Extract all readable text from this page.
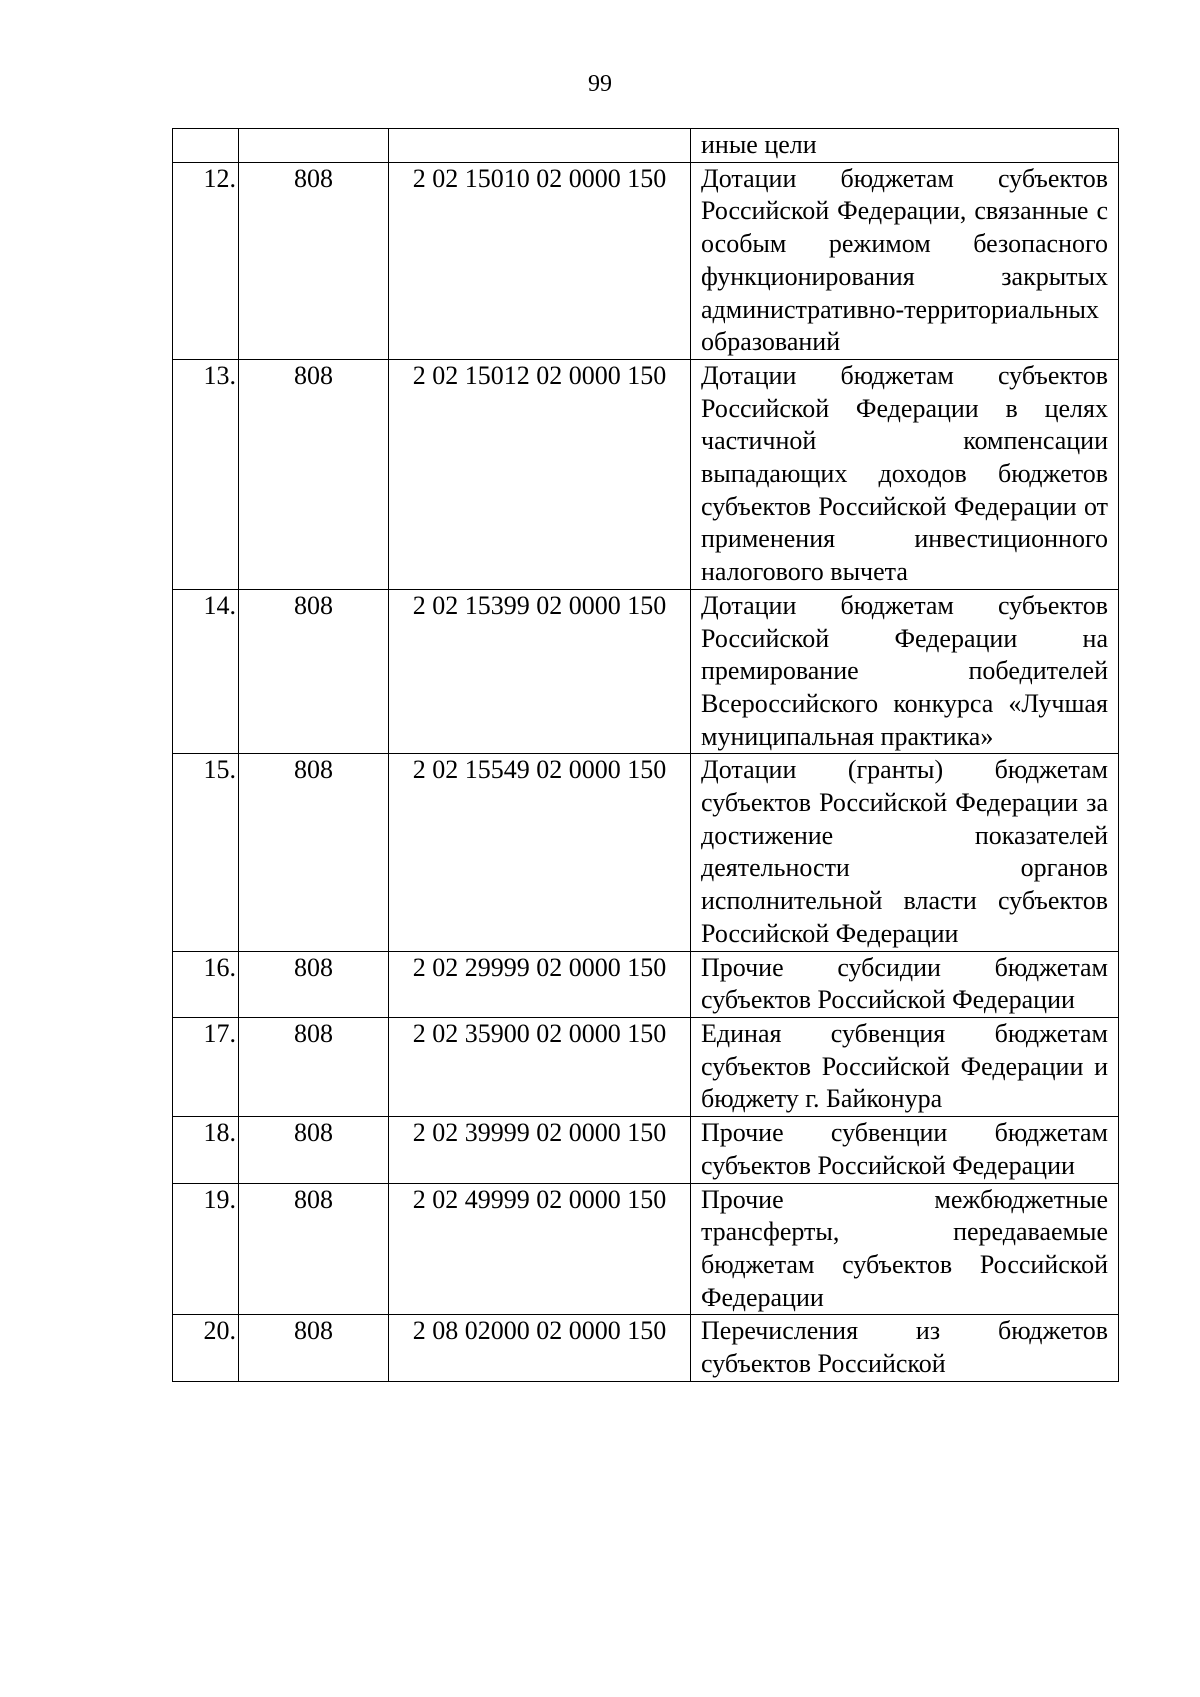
99

			иные цели

12.	808	2 02 15010 02 0000 150	Дотации бюджетам субъектов Российской Федерации, связанные с особым режимом безопасного функционирования закрытых административно-территориальных образований

13.	808	2 02 15012 02 0000 150	Дотации бюджетам субъектов Российской Федерации в целях частичной компенсации выпадающих доходов бюджетов субъектов Российской Федерации от применения инвестиционного налогового вычета

14.	808	2 02 15399 02 0000 150	Дотации бюджетам субъектов Российской Федерации на премирование победителей Всероссийского конкурса «Лучшая муниципальная практика»

15.	808	2 02 15549 02 0000 150	Дотации (гранты) бюджетам субъектов Российской Федерации за достижение показателей деятельности органов исполнительной власти субъектов Российской Федерации

16.	808	2 02 29999 02 0000 150	Прочие субсидии бюджетам субъектов Российской Федерации

17.	808	2 02 35900 02 0000 150	Единая субвенция бюджетам субъектов Российской Федерации и бюджету г. Байконура

18.	808	2 02 39999 02 0000 150	Прочие субвенции бюджетам субъектов Российской Федерации

19.	808	2 02 49999 02 0000 150	Прочие межбюджетные трансферты, передаваемые бюджетам субъектов Российской Федерации

20.	808	2 08 02000 02 0000 150	Перечисления из бюджетов субъектов Российской
